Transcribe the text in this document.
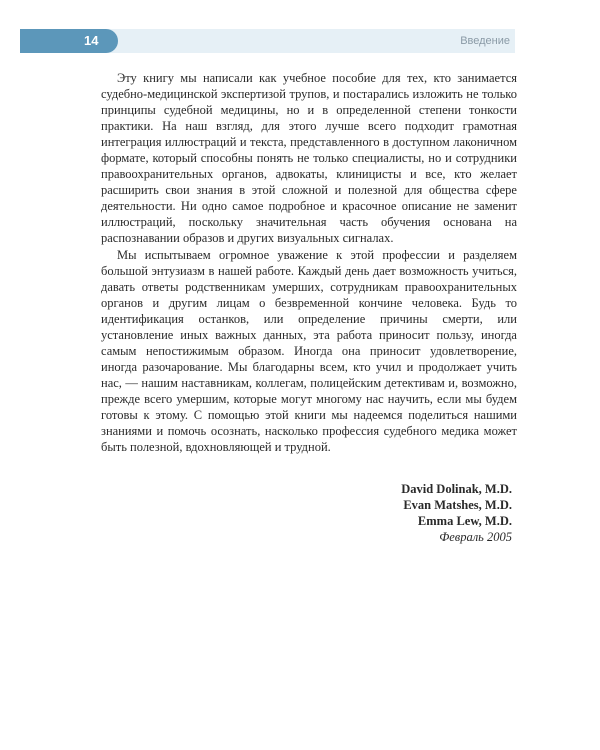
14	Введение

Эту книгу мы написали как учебное пособие для тех, кто занимается судебно-медицинской экспертизой трупов, и постарались изложить не только принципы судебной медицины, но и в определенной степени тонкости практики. На наш взгляд, для этого лучше всего подходит грамотная интеграция иллюстраций и текста, представленного в доступном лаконичном формате, который способны понять не только специалисты, но и сотрудники правоохранительных органов, адвокаты, клиницисты и все, кто желает расширить свои знания в этой сложной и полезной для общества сфере деятельности. Ни одно самое подробное и красочное описание не заменит иллюстраций, поскольку значительная часть обучения основана на распознавании образов и других визуальных сигналах.

Мы испытываем огромное уважение к этой профессии и разделяем большой энтузиазм в нашей работе. Каждый день дает возможность учиться, давать ответы родственникам умерших, сотрудникам правоохранительных органов и другим лицам о безвременной кончине человека. Будь то идентификация останков, или определение причины смерти, или установление иных важных данных, эта работа приносит пользу, иногда самым непостижимым образом. Иногда она приносит удовлетворение, иногда разочарование. Мы благодарны всем, кто учил и продолжает учить нас, — нашим наставникам, коллегам, полицейским детективам и, возможно, прежде всего умершим, которые могут многому нас научить, если мы будем готовы к этому. С помощью этой книги мы надеемся поделиться нашими знаниями и помочь осознать, насколько профессия судебного медика может быть полезной, вдохновляющей и трудной.

David Dolinak, M.D.
Evan Matshes, M.D.
Emma Lew, M.D.
Февраль 2005
